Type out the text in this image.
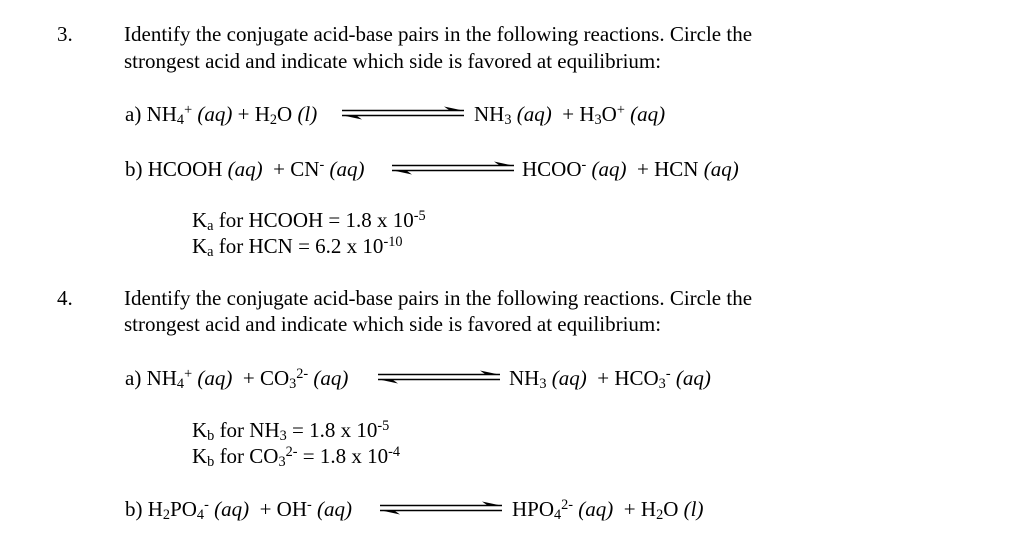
3. Identify the conjugate acid-base pairs in the following reactions. Circle the
strongest acid and indicate which side is favored at equilibrium:
a) $NH_4^+$ $(aq) + H_2O$ (l)	$NH_3$ $(aq) + H_3O^+$ (aq)
b) HCOOH (aq)  + CN- (aq)	HCOO- (aq)  + HCN (aq)
$K_a$ for HCOOH = 1.8 x $10^{-5}$
$K_a$ for HCN = 6.2 x $10^{-10}$
4. Identify the conjugate acid-base pairs in the following reactions. Circle the
strongest acid and indicate which side is favored at equilibrium:
a) $NH_4^+$ $(aq) + CO_3^{2-}$ (aq)	$NH_3$ $(aq) + HCO_3^-$ (aq)
$K_b$ for $NH_3 = 1.8$ x $10^{-5}$
$K_b$ for $CO_3^{2-} = 1.8$ x $10^{-4}$
b) $H_2PO_4^-$ (aq)  + OH- (aq)	$HPO_4^{2-}$ $(aq) + H_2O$ (l)
